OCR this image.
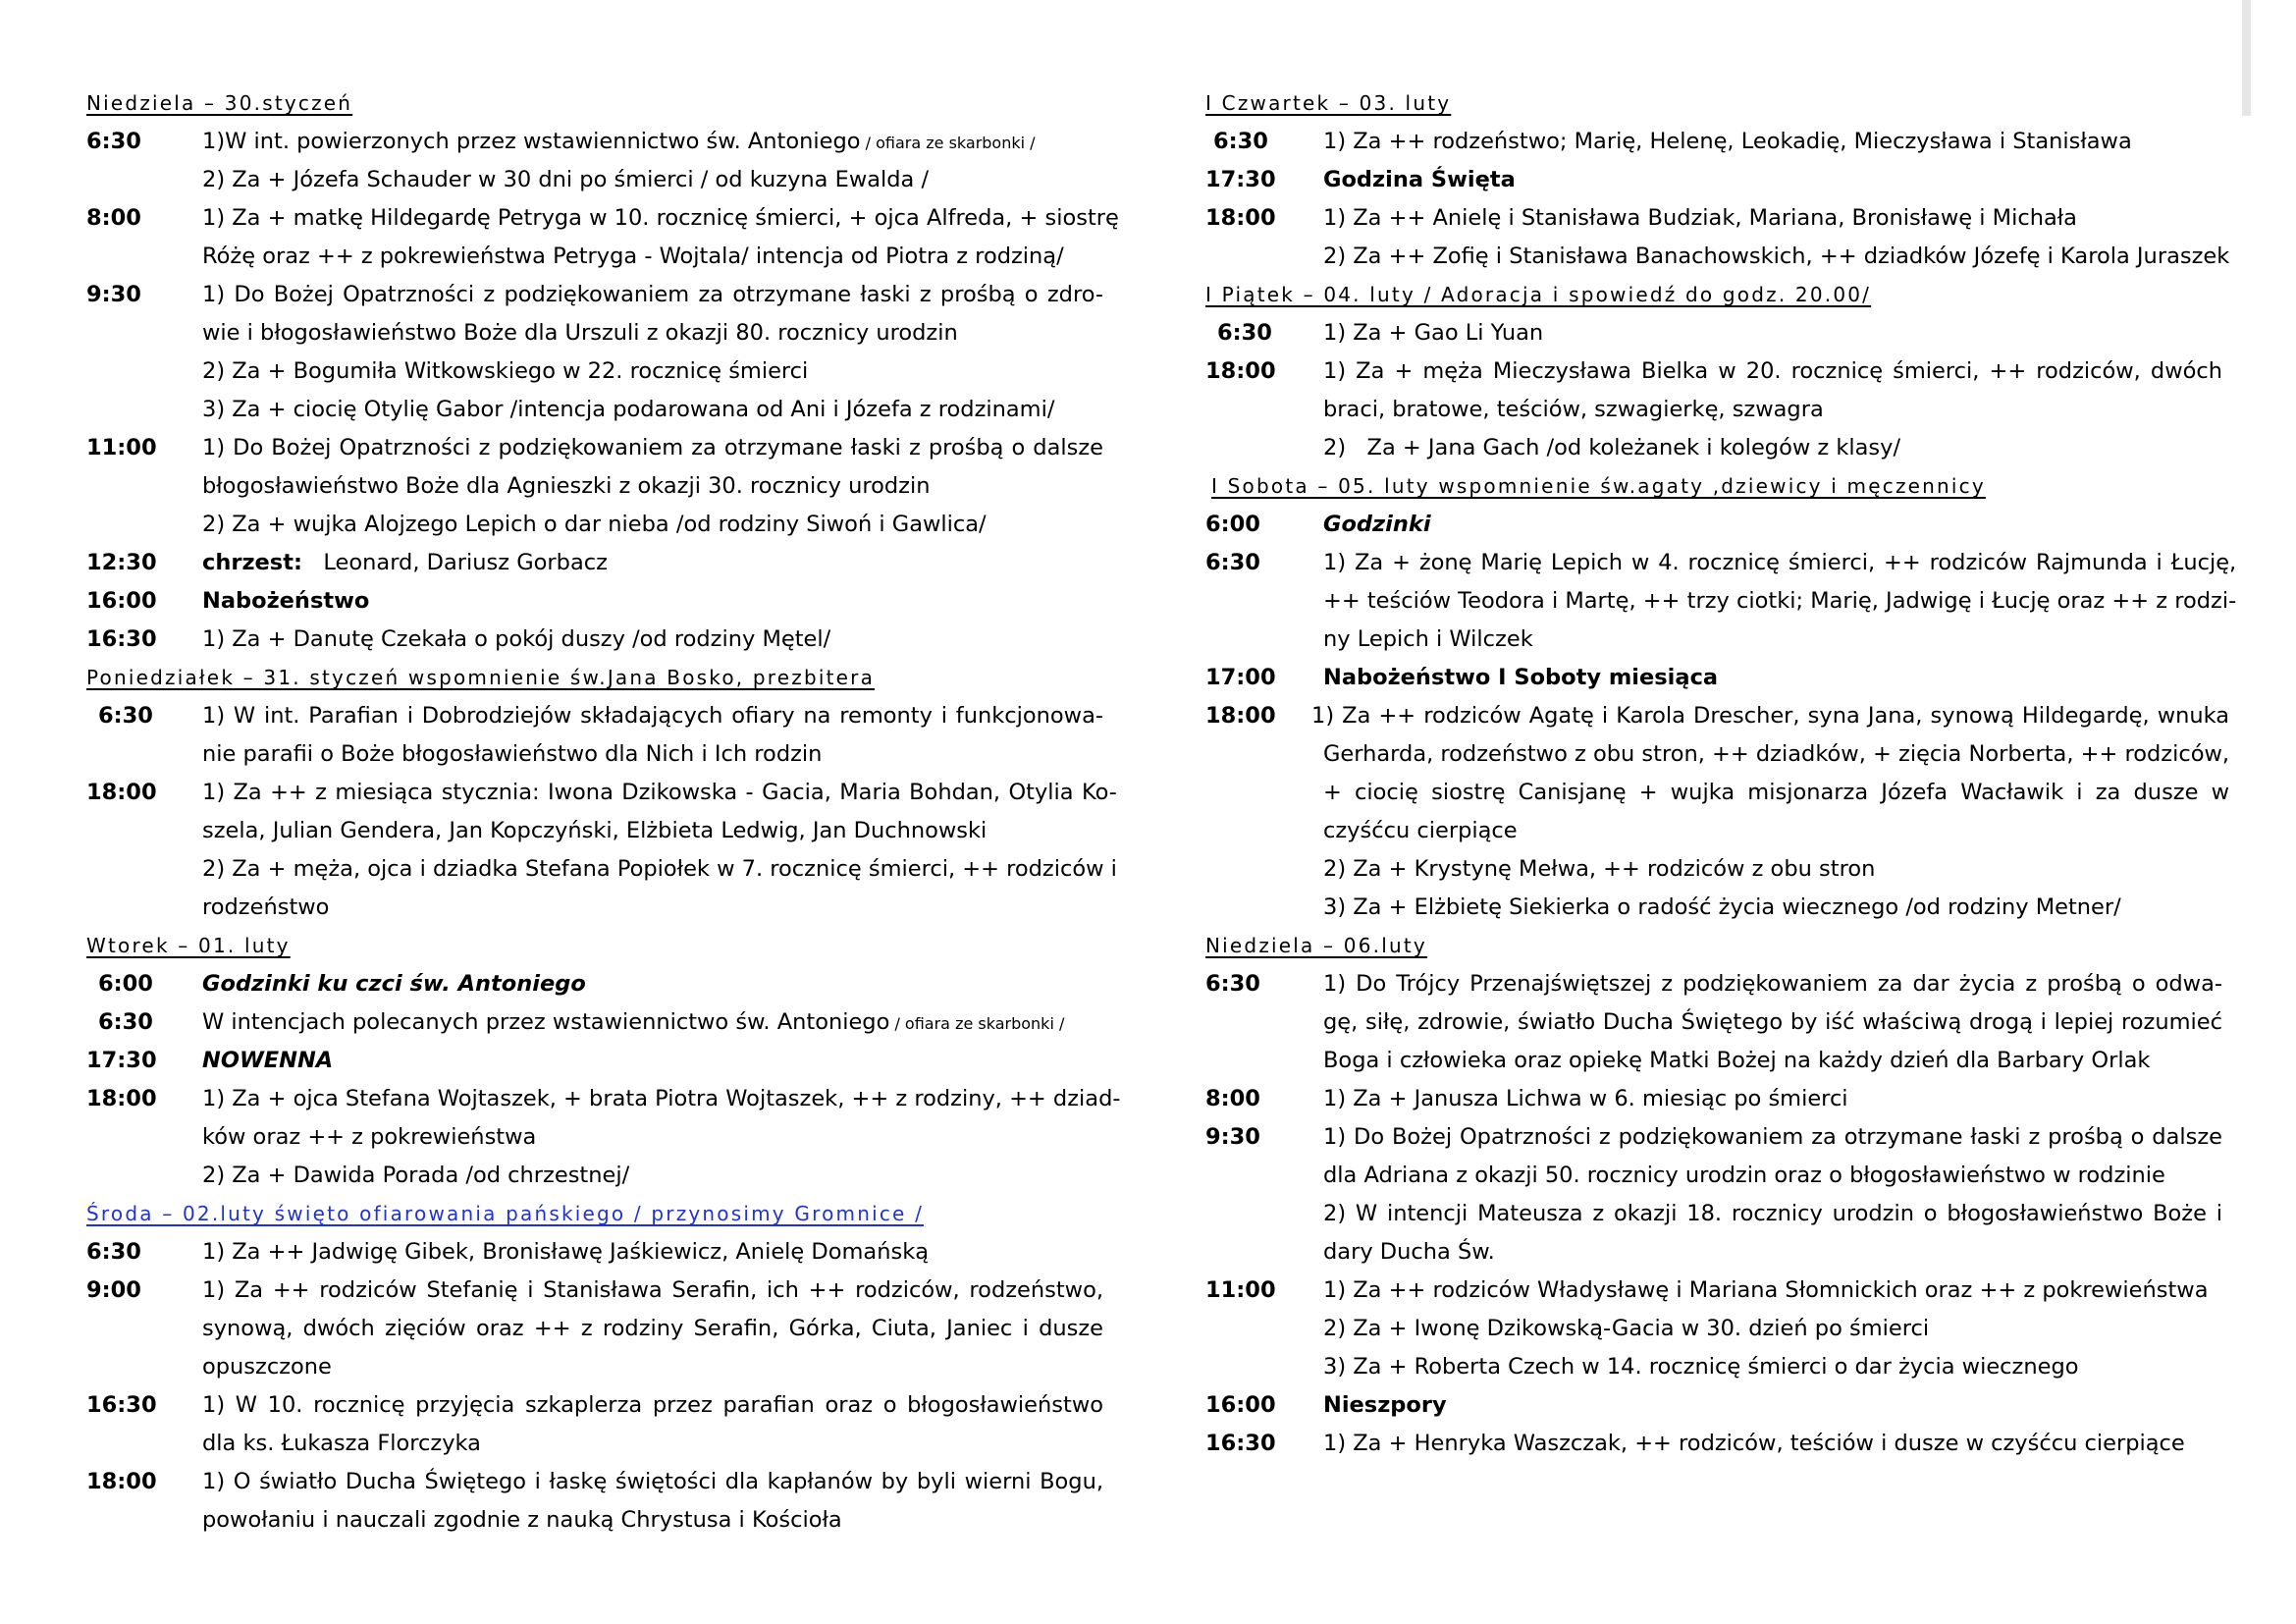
Niedziela – 30.styczeń
6:30	1)W int. powierzonych przez wstawiennictwo św. Antoniego / ofiara ze skarbonki /
2) Za + Józefa Schauder w 30 dni po śmierci / od kuzyna Ewalda /
8:00	1) Za + matkę Hildegardę Petryga w 10. rocznicę śmierci, + ojca Alfreda, + siostrę
Różę oraz ++ z pokrewieństwa Petryga - Wojtala/ intencja od Piotra z rodziną/
9:30	1) Do Bożej Opatrzności z podziękowaniem za otrzymane łaski z prośbą o zdro-
wie i błogosławieństwo Boże dla Urszuli z okazji 80. rocznicy urodzin
2) Za + Bogumiła Witkowskiego w 22. rocznicę śmierci
3) Za + ciocię Otylię Gabor /intencja podarowana od Ani i Józefa z rodzinami/
11:00	1) Do Bożej Opatrzności z podziękowaniem za otrzymane łaski z prośbą o dalsze
błogosławieństwo Boże dla Agnieszki z okazji 30. rocznicy urodzin
2) Za + wujka Alojzego Lepich o dar nieba /od rodziny Siwoń i Gawlica/
12:30	chrzest:   Leonard, Dariusz Gorbacz
16:00	Nabożeństwo
16:30	1) Za + Danutę Czekała o pokój duszy /od rodziny Mętel/
Poniedziałek – 31. styczeń wspomnienie św.Jana Bosko, prezbitera
6:30	1) W int. Parafian i Dobrodziejów składających ofiary na remonty i funkcjonowa-
nie parafii o Boże błogosławieństwo dla Nich i Ich rodzin
18:00	1) Za ++ z miesiąca stycznia: Iwona Dzikowska - Gacia, Maria Bohdan, Otylia Ko-
szela, Julian Gendera, Jan Kopczyński, Elżbieta Ledwig, Jan Duchnowski
2) Za + męża, ojca i dziadka Stefana Popiołek w 7. rocznicę śmierci, ++ rodziców i
rodzeństwo
Wtorek – 01. luty
6:00	Godzinki ku czci św. Antoniego
6:30	W intencjach polecanych przez wstawiennictwo św. Antoniego / ofiara ze skarbonki /
17:30	NOWENNA
18:00	1) Za + ojca Stefana Wojtaszek, + brata Piotra Wojtaszek, ++ z rodziny, ++ dziad-
ków oraz ++ z pokrewieństwa
2) Za + Dawida Porada /od chrzestnej/
Środa – 02.luty święto ofiarowania pańskiego / przynosimy Gromnice /
6:30	1) Za ++ Jadwigę Gibek, Bronisławę Jaśkiewicz, Anielę Domańską
9:00	1) Za ++ rodziców Stefanię i Stanisława Serafin, ich ++ rodziców, rodzeństwo,
synową, dwóch zięciów oraz ++ z rodziny Serafin, Górka, Ciuta, Janiec i dusze
opuszczone
16:30	1) W 10. rocznicę przyjęcia szkaplerza przez parafian oraz o błogosławieństwo
dla ks. Łukasza Florczyka
18:00	1) O światło Ducha Świętego i łaskę świętości dla kapłanów by byli wierni Bogu,
powołaniu i nauczali zgodnie z nauką Chrystusa i Kościoła
I Czwartek – 03. luty
6:30	1) Za ++ rodzeństwo; Marię, Helenę, Leokadię, Mieczysława i Stanisława
17:30	Godzina Święta
18:00	1) Za ++ Anielę i Stanisława Budziak, Mariana, Bronisławę i Michała
2) Za ++ Zofię i Stanisława Banachowskich, ++ dziadków Józefę i Karola Juraszek
I Piątek – 04. luty / Adoracja i spowiedź do godz. 20.00/
6:30	1) Za + Gao Li Yuan
18:00	1) Za + męża Mieczysława Bielka w 20. rocznicę śmierci, ++ rodziców, dwóch
braci, bratowe, teściów, szwagierkę, szwagra
2)   Za + Jana Gach /od koleżanek i kolegów z klasy/
I Sobota – 05. luty wspomnienie św.agaty ,dziewicy i męczennicy
6:00	Godzinki
6:30	1) Za + żonę Marię Lepich w 4. rocznicę śmierci, ++ rodziców Rajmunda i Łucję,
++ teściów Teodora i Martę, ++ trzy ciotki; Marię, Jadwigę i Łucję oraz ++ z rodzi-
ny Lepich i Wilczek
17:00	Nabożeństwo I Soboty miesiąca
18:00	1) Za ++ rodziców Agatę i Karola Drescher, syna Jana, synową Hildegardę, wnuka
Gerharda, rodzeństwo z obu stron, ++ dziadków, + zięcia Norberta, ++ rodziców,
+ ciocię siostrę Canisjanę + wujka misjonarza Józefa Wacławik i za dusze w
czyśćcu cierpiące
2) Za + Krystynę Mełwa, ++ rodziców z obu stron
3) Za + Elżbietę Siekierka o radość życia wiecznego /od rodziny Metner/
Niedziela – 06.luty
6:30	1) Do Trójcy Przenajświętszej z podziękowaniem za dar życia z prośbą o odwa-
gę, siłę, zdrowie, światło Ducha Świętego by iść właściwą drogą i lepiej rozumieć
Boga i człowieka oraz opiekę Matki Bożej na każdy dzień dla Barbary Orlak
8:00	1) Za + Janusza Lichwa w 6. miesiąc po śmierci
9:30	1) Do Bożej Opatrzności z podziękowaniem za otrzymane łaski z prośbą o dalsze
dla Adriana z okazji 50. rocznicy urodzin oraz o błogosławieństwo w rodzinie
2) W intencji Mateusza z okazji 18. rocznicy urodzin o błogosławieństwo Boże i
dary Ducha Św.
11:00	1) Za ++ rodziców Władysławę i Mariana Słomnickich oraz ++ z pokrewieństwa
2) Za + Iwonę Dzikowską-Gacia w 30. dzień po śmierci
3) Za + Roberta Czech w 14. rocznicę śmierci o dar życia wiecznego
16:00	Nieszpory
16:30	1) Za + Henryka Waszczak, ++ rodziców, teściów i dusze w czyśćcu cierpiące
